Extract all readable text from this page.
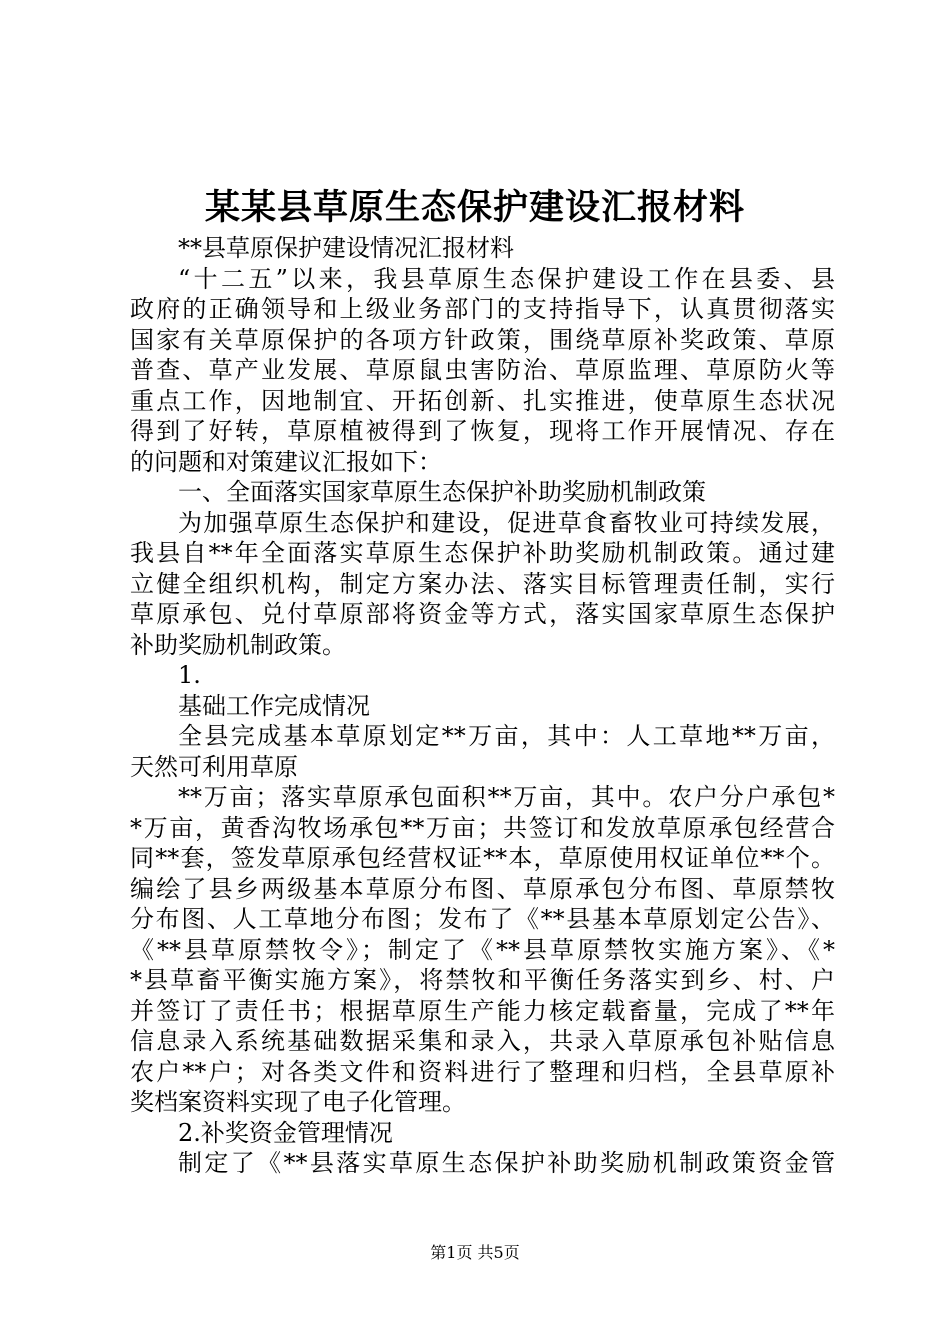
某某县草原生态保护建设汇报材料
**县草原保护建设情况汇报材料
“十二五”以来，我县草原生态保护建设工作在县委、县
政府的正确领导和上级业务部门的支持指导下，认真贯彻落实
国家有关草原保护的各项方针政策，围绕草原补奖政策、草原
普查、草产业发展、草原鼠虫害防治、草原监理、草原防火等
重点工作，因地制宜、开拓创新、扎实推进，使草原生态状况
得到了好转，草原植被得到了恢复，现将工作开展情况、存在
的问题和对策建议汇报如下：
一、全面落实国家草原生态保护补助奖励机制政策
为加强草原生态保护和建设，促进草食畜牧业可持续发展，
我县自**年全面落实草原生态保护补助奖励机制政策。通过建
立健全组织机构，制定方案办法、落实目标管理责任制，实行
草原承包、兑付草原部将资金等方式，落实国家草原生态保护
补助奖励机制政策。
1.
基础工作完成情况
全县完成基本草原划定**万亩，其中：人工草地**万亩，
天然可利用草原
**万亩；落实草原承包面积**万亩，其中。农户分户承包*
*万亩，黄香沟牧场承包**万亩；共签订和发放草原承包经营合
同**套，签发草原承包经营权证**本，草原使用权证单位**个。
编绘了县乡两级基本草原分布图、草原承包分布图、草原禁牧
分布图、人工草地分布图；发布了《**县基本草原划定公告》、
《**县草原禁牧令》；制定了《**县草原禁牧实施方案》、《*
*县草畜平衡实施方案》，将禁牧和平衡任务落实到乡、村、户
并签订了责任书；根据草原生产能力核定载畜量，完成了**年
信息录入系统基础数据采集和录入，共录入草原承包补贴信息
农户**户；对各类文件和资料进行了整理和归档，全县草原补
奖档案资料实现了电子化管理。
2.补奖资金管理情况
制定了《**县落实草原生态保护补助奖励机制政策资金管
第1页 共5页
